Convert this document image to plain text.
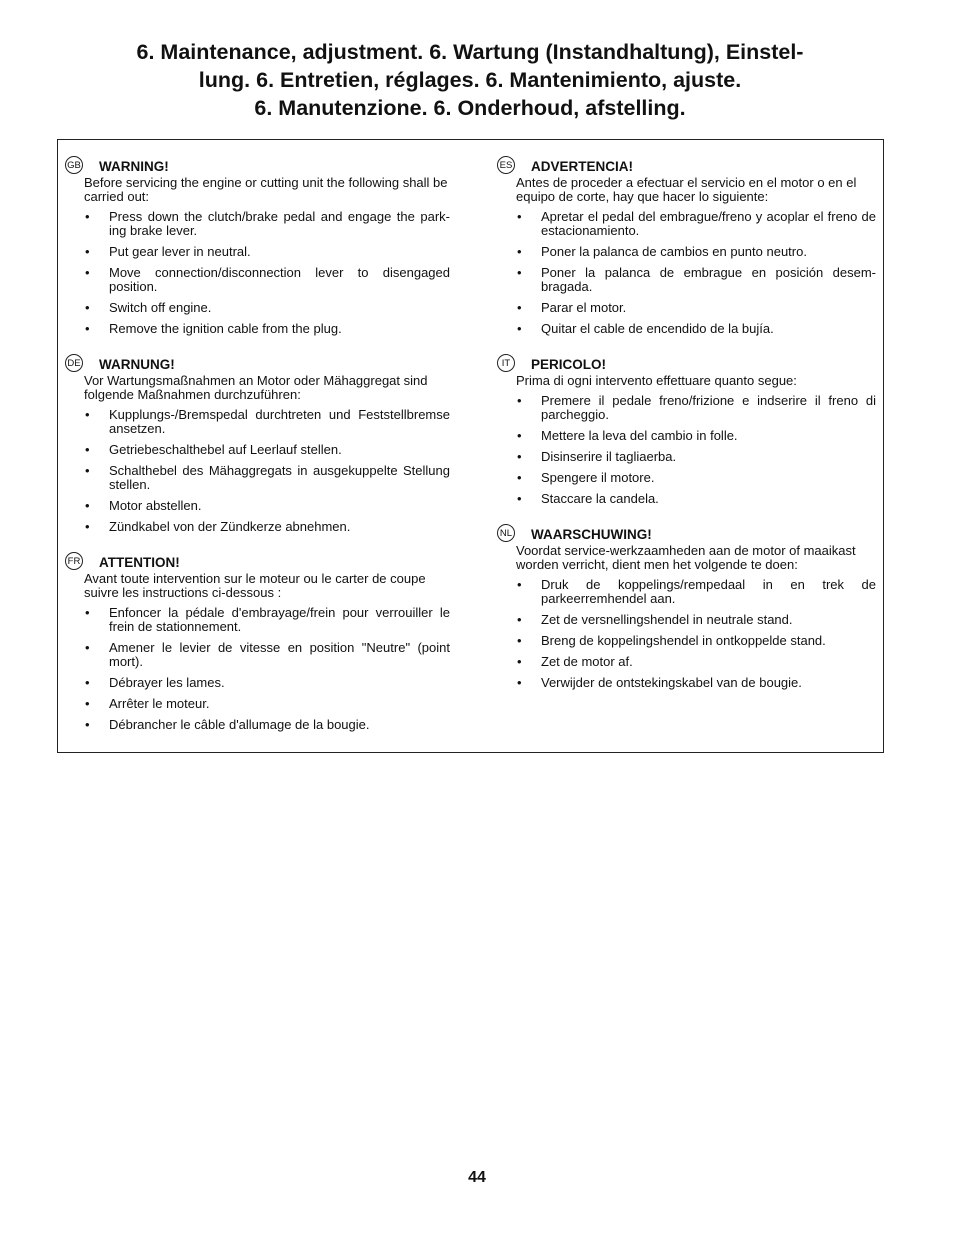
6. Maintenance, adjustment. 6. Wartung (Instandhaltung), Einstel-
lung. 6. Entretien, réglages. 6. Mantenimiento, ajuste.
6. Manutenzione. 6. Onderhoud, afstelling.
GB WARNING!
Before servicing the engine or cutting unit the following shall be carried out:
• Press down the clutch/brake pedal and engage the park-ing brake lever.
• Put gear lever in neutral.
• Move connection/disconnection lever to disengaged position.
• Switch off engine.
• Remove the ignition cable from the plug.
DE WARNUNG!
Vor Wartungsmaßnahmen an Motor oder Mähaggregat sind folgende Maßnahmen durchzuführen:
• Kupplungs-/Bremspedal durchtreten und Feststellbremse ansetzen.
• Getriebeschalthebel auf Leerlauf stellen.
• Schalthebel des Mähaggregats in ausgekuppelte Stellung stellen.
• Motor abstellen.
• Zündkabel von der Zündkerze abnehmen.
FR ATTENTION!
Avant toute intervention sur le moteur ou le carter de coupe suivre les instructions ci-dessous :
• Enfoncer la pédale d'embrayage/frein pour verrouiller le frein de stationnement.
• Amener le levier de vitesse en position "Neutre" (point mort).
• Débrayer les lames.
• Arrêter le moteur.
• Débrancher le câble d'allumage de la bougie.
ES ADVERTENCIA!
Antes de proceder a efectuar el servicio en el motor o en el equipo de corte, hay que hacer lo siguiente:
• Apretar el pedal del embrague/freno y acoplar el freno de estacionamiento.
• Poner la palanca de cambios en punto neutro.
• Poner la palanca de embrague en posición desem-bragada.
• Parar el motor.
• Quitar el cable de encendido de la bujía.
IT	PERICOLO!
Prima di ogni intervento effettuare quanto segue:
• Premere il pedale freno/frizione e indserire il freno di parcheggio.
• Mettere la leva del cambio in folle.
• Disinserire il tagliaerba.
• Spengere il motore.
• Staccare la candela.
NL WAARSCHUWING!
Voordat service-werkzaamheden aan de motor of maaikast worden verricht, dient men het volgende te doen:
• Druk de koppelings/rempedaal in en trek de parkeerremhendel aan.
• Zet de versnellingshendel in neutrale stand.
• Breng de koppelingshendel in ontkoppelde stand.
• Zet de motor af.
• Verwijder de ontstekingskabel van de bougie.
44
